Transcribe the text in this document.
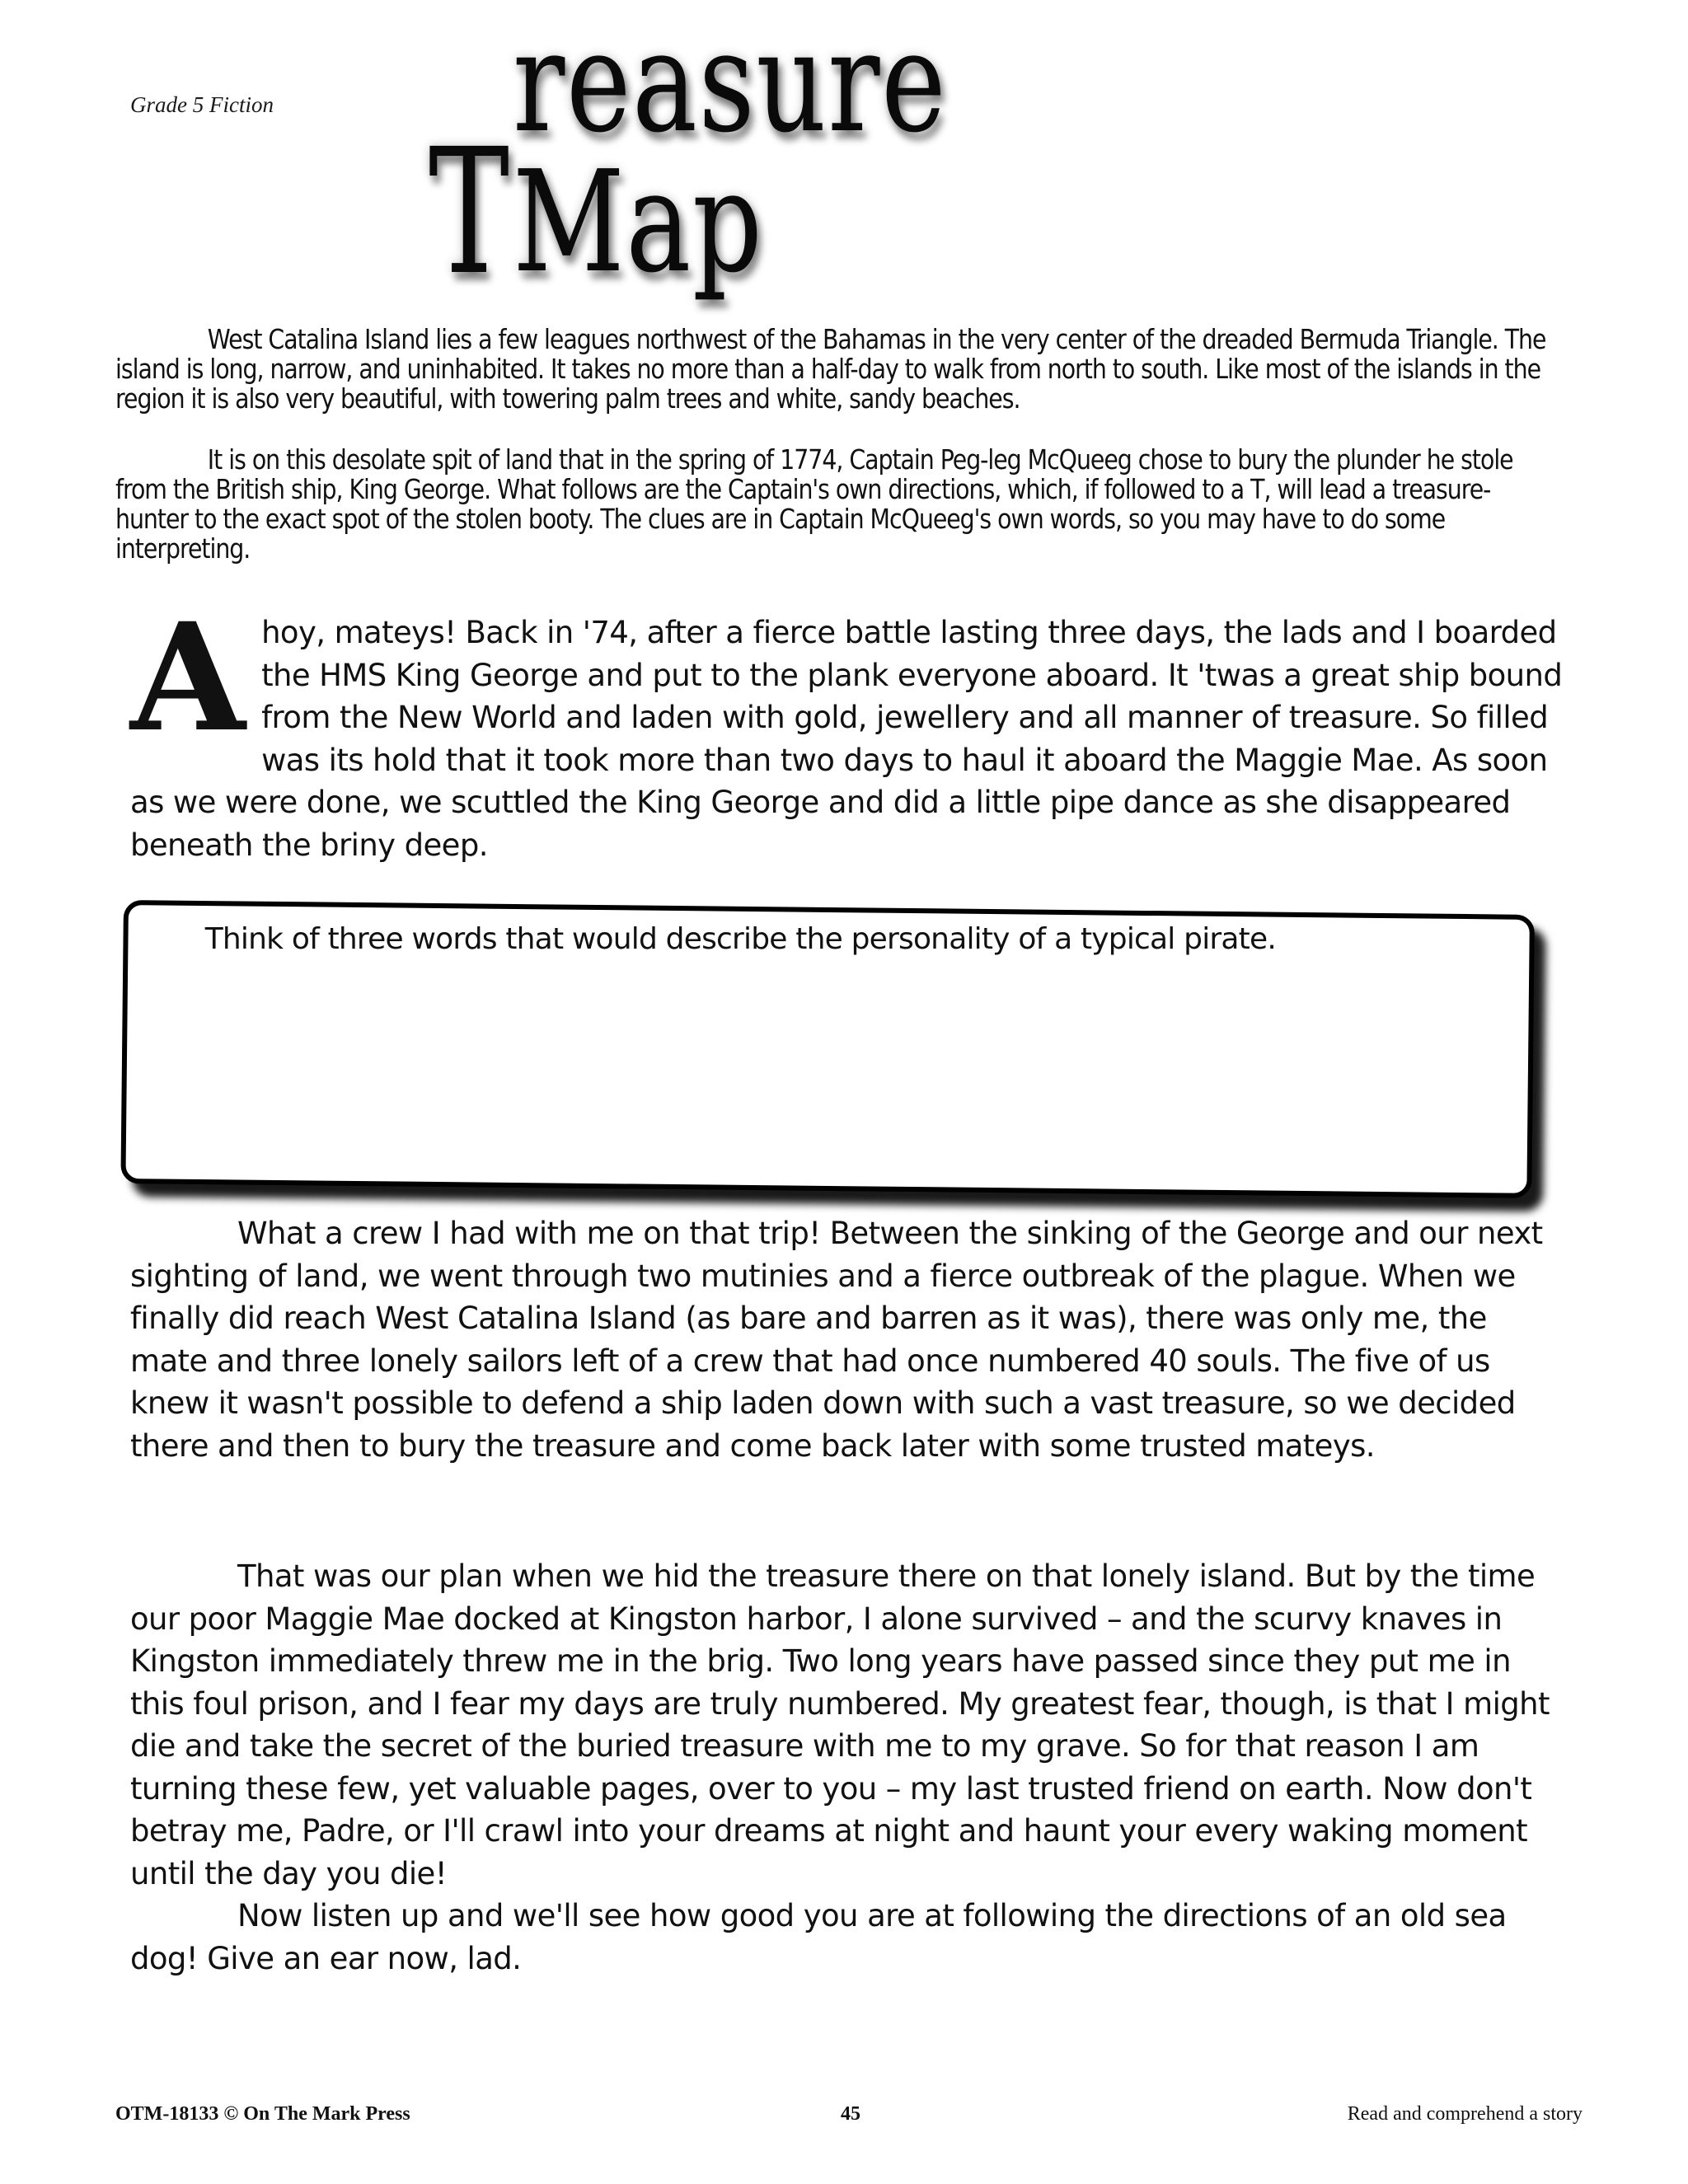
Grade 5 Fiction
T
reasure Map

West Catalina Island lies a few leagues northwest of the Bahamas in the very center of the dreaded Bermuda Triangle. The island is long, narrow, and uninhabited. It takes no more than a half-day to walk from north to south. Like most of the islands in the region it is also very beautiful, with towering palm trees and white, sandy beaches.

It is on this desolate spit of land that in the spring of 1774, Captain Peg-leg McQueeg chose to bury the plunder he stole from the British ship, King George. What follows are the Captain's own directions, which, if followed to a T, will lead a treasure-hunter to the exact spot of the stolen booty. The clues are in Captain McQueeg's own words, so you may have to do some interpreting.

A hoy, mateys! Back in '74, after a fierce battle lasting three days, the lads and I boarded the HMS King George and put to the plank everyone aboard. It 'twas a great ship bound from the New World and laden with gold, jewellery and all manner of treasure. So filled was its hold that it took more than two days to haul it aboard the Maggie Mae. As soon as we were done, we scuttled the King George and did a little pipe dance as she disappeared beneath the briny deep.

Think of three words that would describe the personality of a typical pirate.

What a crew I had with me on that trip! Between the sinking of the George and our next sighting of land, we went through two mutinies and a fierce outbreak of the plague. When we finally did reach West Catalina Island (as bare and barren as it was), there was only me, the mate and three lonely sailors left of a crew that had once numbered 40 souls. The five of us knew it wasn't possible to defend a ship laden down with such a vast treasure, so we decided there and then to bury the treasure and come back later with some trusted mateys.

That was our plan when we hid the treasure there on that lonely island. But by the time our poor Maggie Mae docked at Kingston harbor, I alone survived – and the scurvy knaves in Kingston immediately threw me in the brig. Two long years have passed since they put me in this foul prison, and I fear my days are truly numbered. My greatest fear, though, is that I might die and take the secret of the buried treasure with me to my grave. So for that reason I am turning these few, yet valuable pages, over to you – my last trusted friend on earth. Now don't betray me, Padre, or I'll crawl into your dreams at night and haunt your every waking moment until the day you die!

Now listen up and we'll see how good you are at following the directions of an old sea dog! Give an ear now, lad.

OTM-18133 © On The Mark Press	45	Read and comprehend a story
